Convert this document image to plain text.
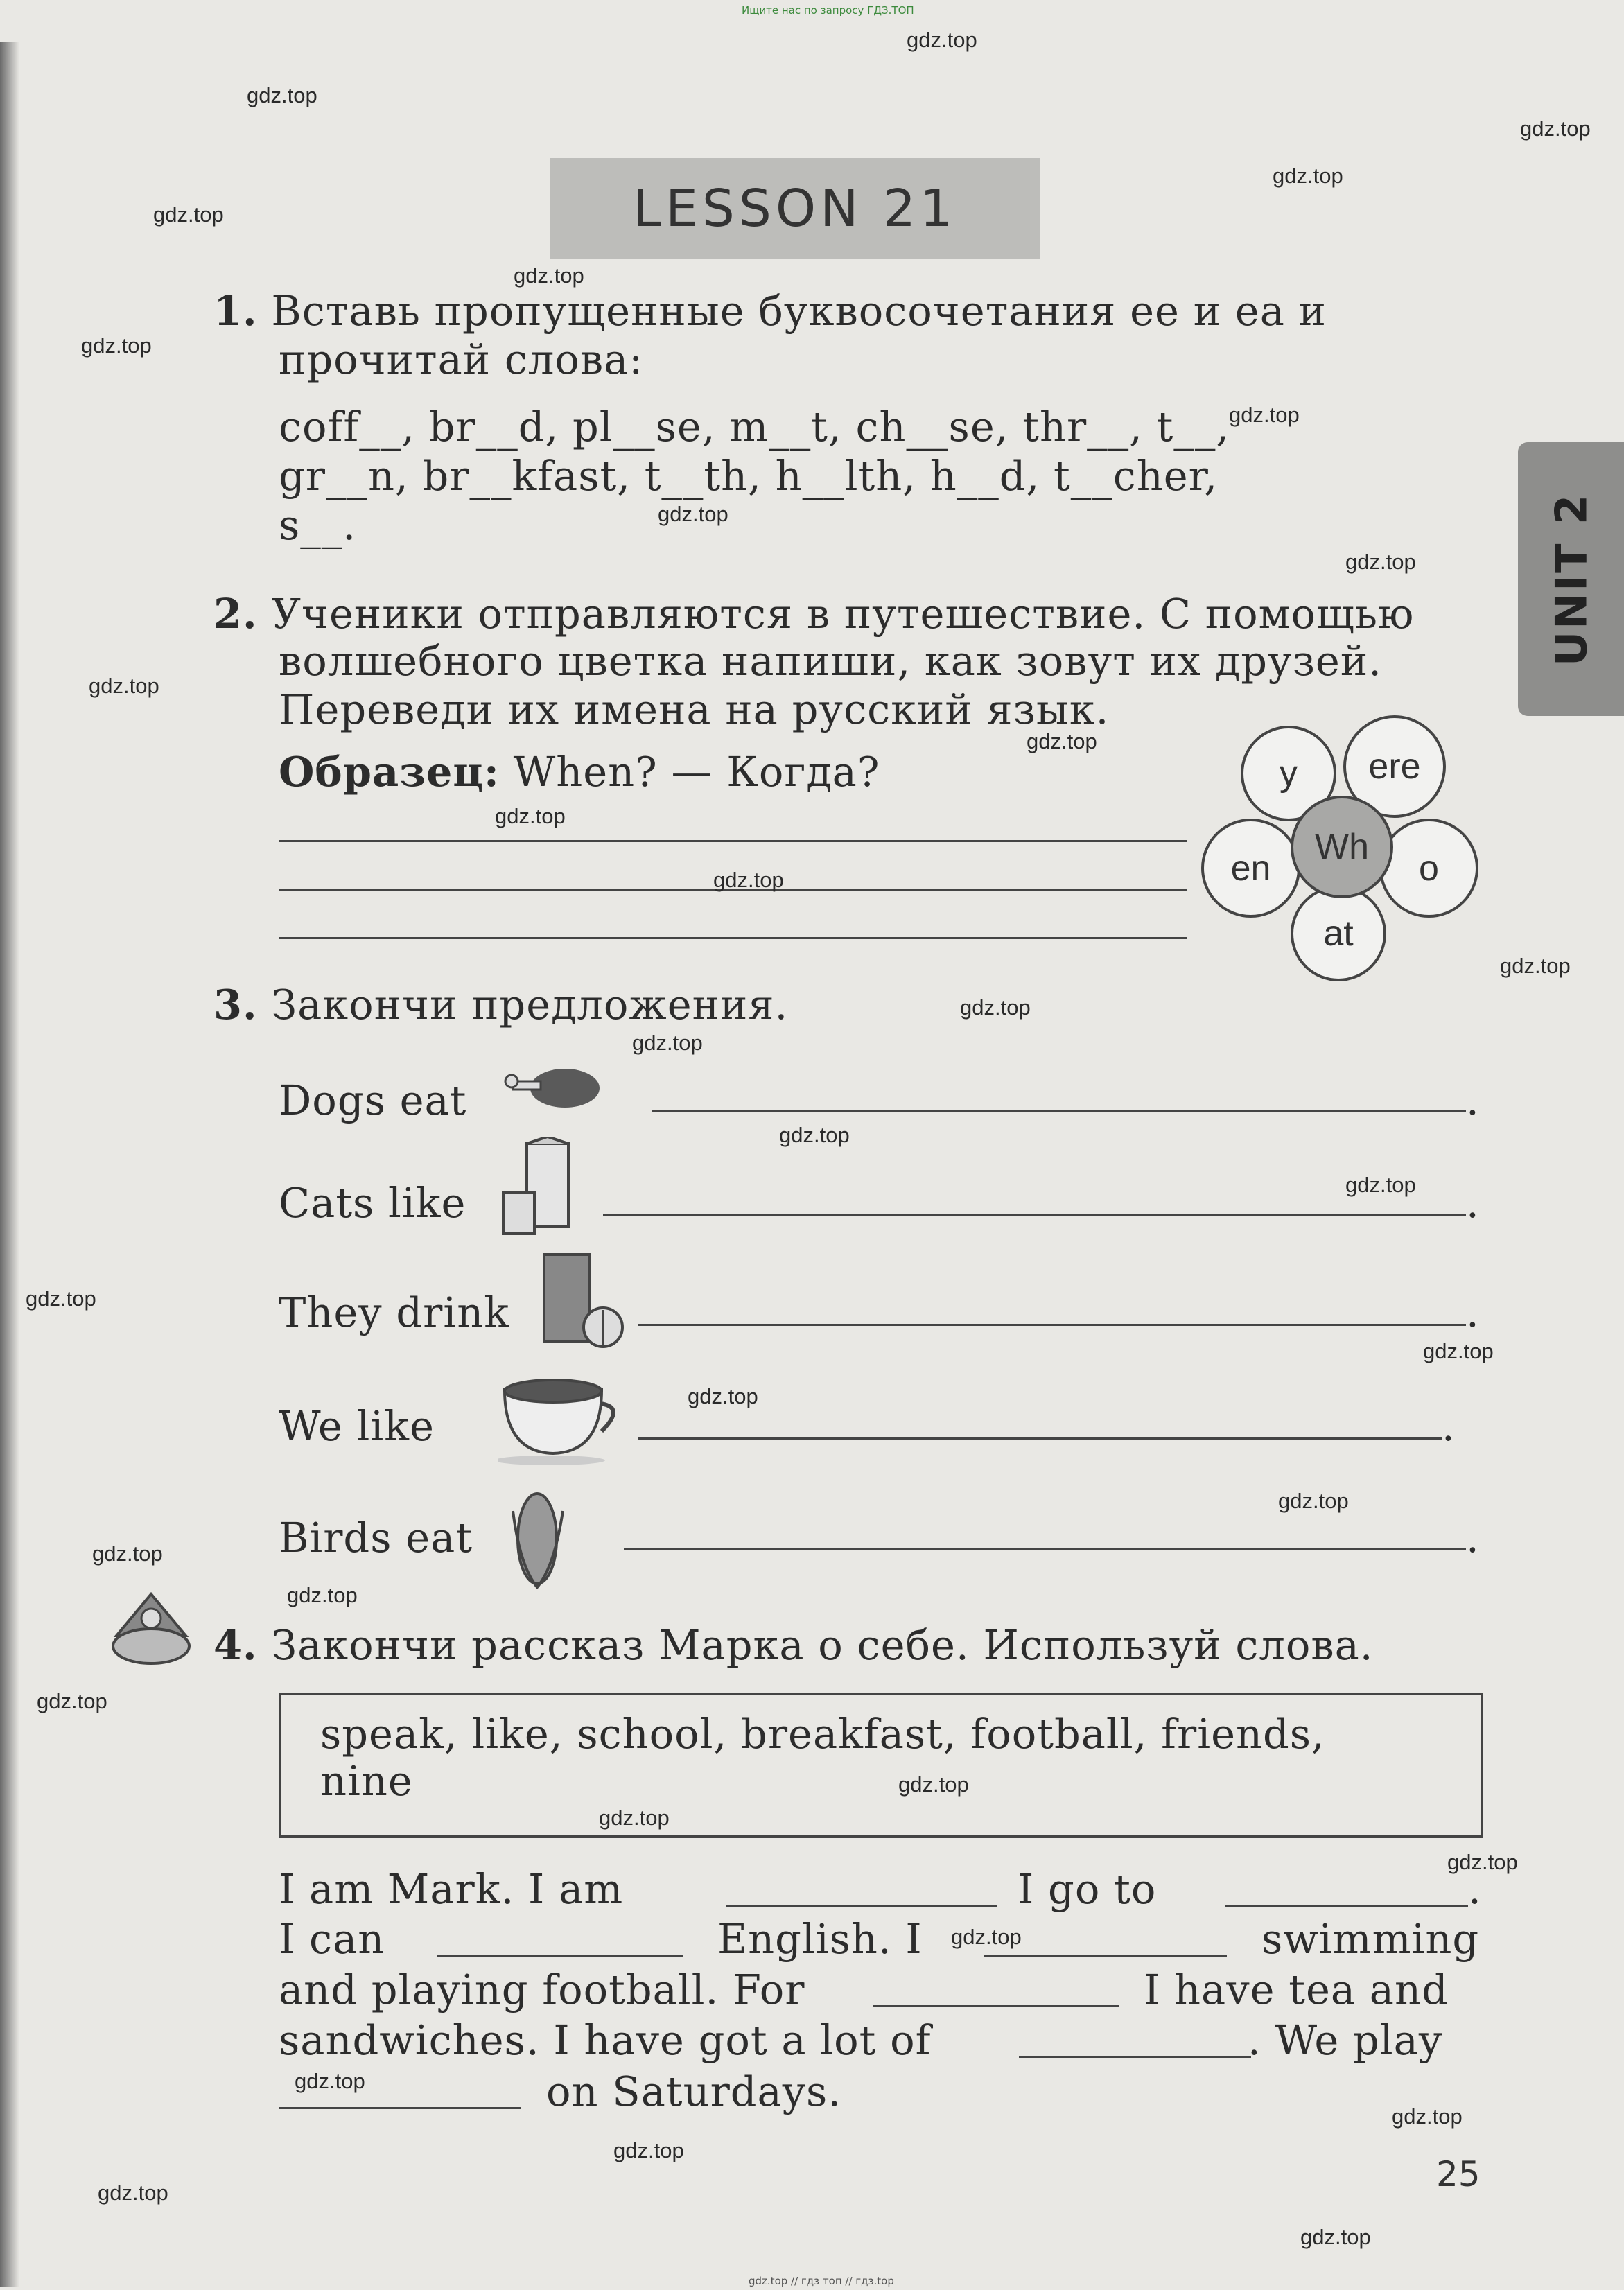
Ищите нас по запросу ГДЗ.ТОП
gdz.top // гдз топ // гдз.top
LESSON 21
UNIT 2
1. Вставь пропущенные буквосочетания ee и ea и
прочитай слова:
coff__, br__d, pl__se, m__t, ch__se, thr__, t__,
gr__n, br__kfast, t__th, h__lth, h__d, t__cher,
s__.
2. Ученики отправляются в путешествие. С помощью
волшебного цветка напиши, как зовут их друзей.
Переведи их имена на русский язык.
Образец: When? — Когда?	y	ere
en	o
at
Wh
3. Закончи предложения.
Dogs eat	.
Cats like	.
They drink	.
We like	.
Birds eat	.
4. Закончи рассказ Марка о себе. Используй слова.
speak, like, school, breakfast, football, friends,
nine
I am Mark. I am	I go to	.
I can	English. I	swimming
and playing football. For	I have tea and
sandwiches. I have got a lot of	. We play
on Saturdays.
25
gdz.top
gdz.top
gdz.top
gdz.top
gdz.top
gdz.top
gdz.top
gdz.top
gdz.top
gdz.top
gdz.top
gdz.top
gdz.top
gdz.top
gdz.top
gdz.top
gdz.top
gdz.top
gdz.top
gdz.top
gdz.top
gdz.top
gdz.top
gdz.top
gdz.top
gdz.top
gdz.top
gdz.top
gdz.top
gdz.top
gdz.top
gdz.top
gdz.top
gdz.top
gdz.top
